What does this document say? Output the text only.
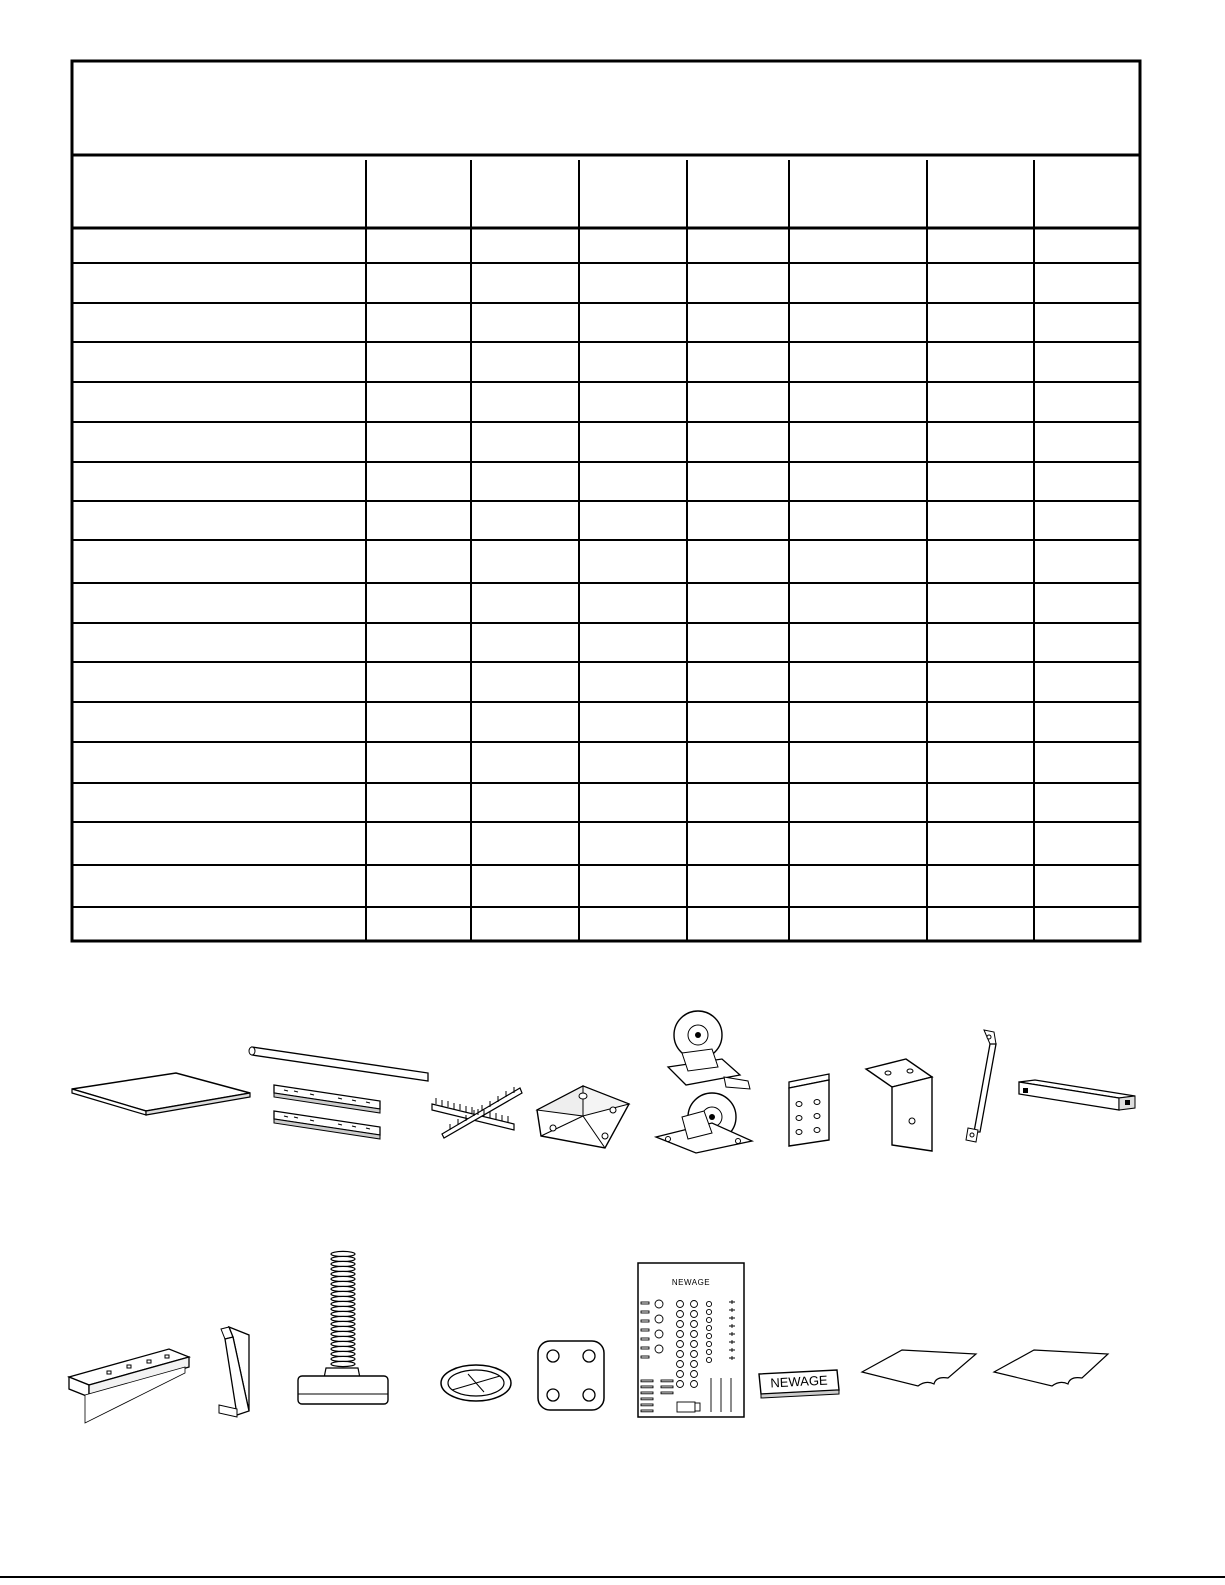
NEWAGE
NEWAGE
